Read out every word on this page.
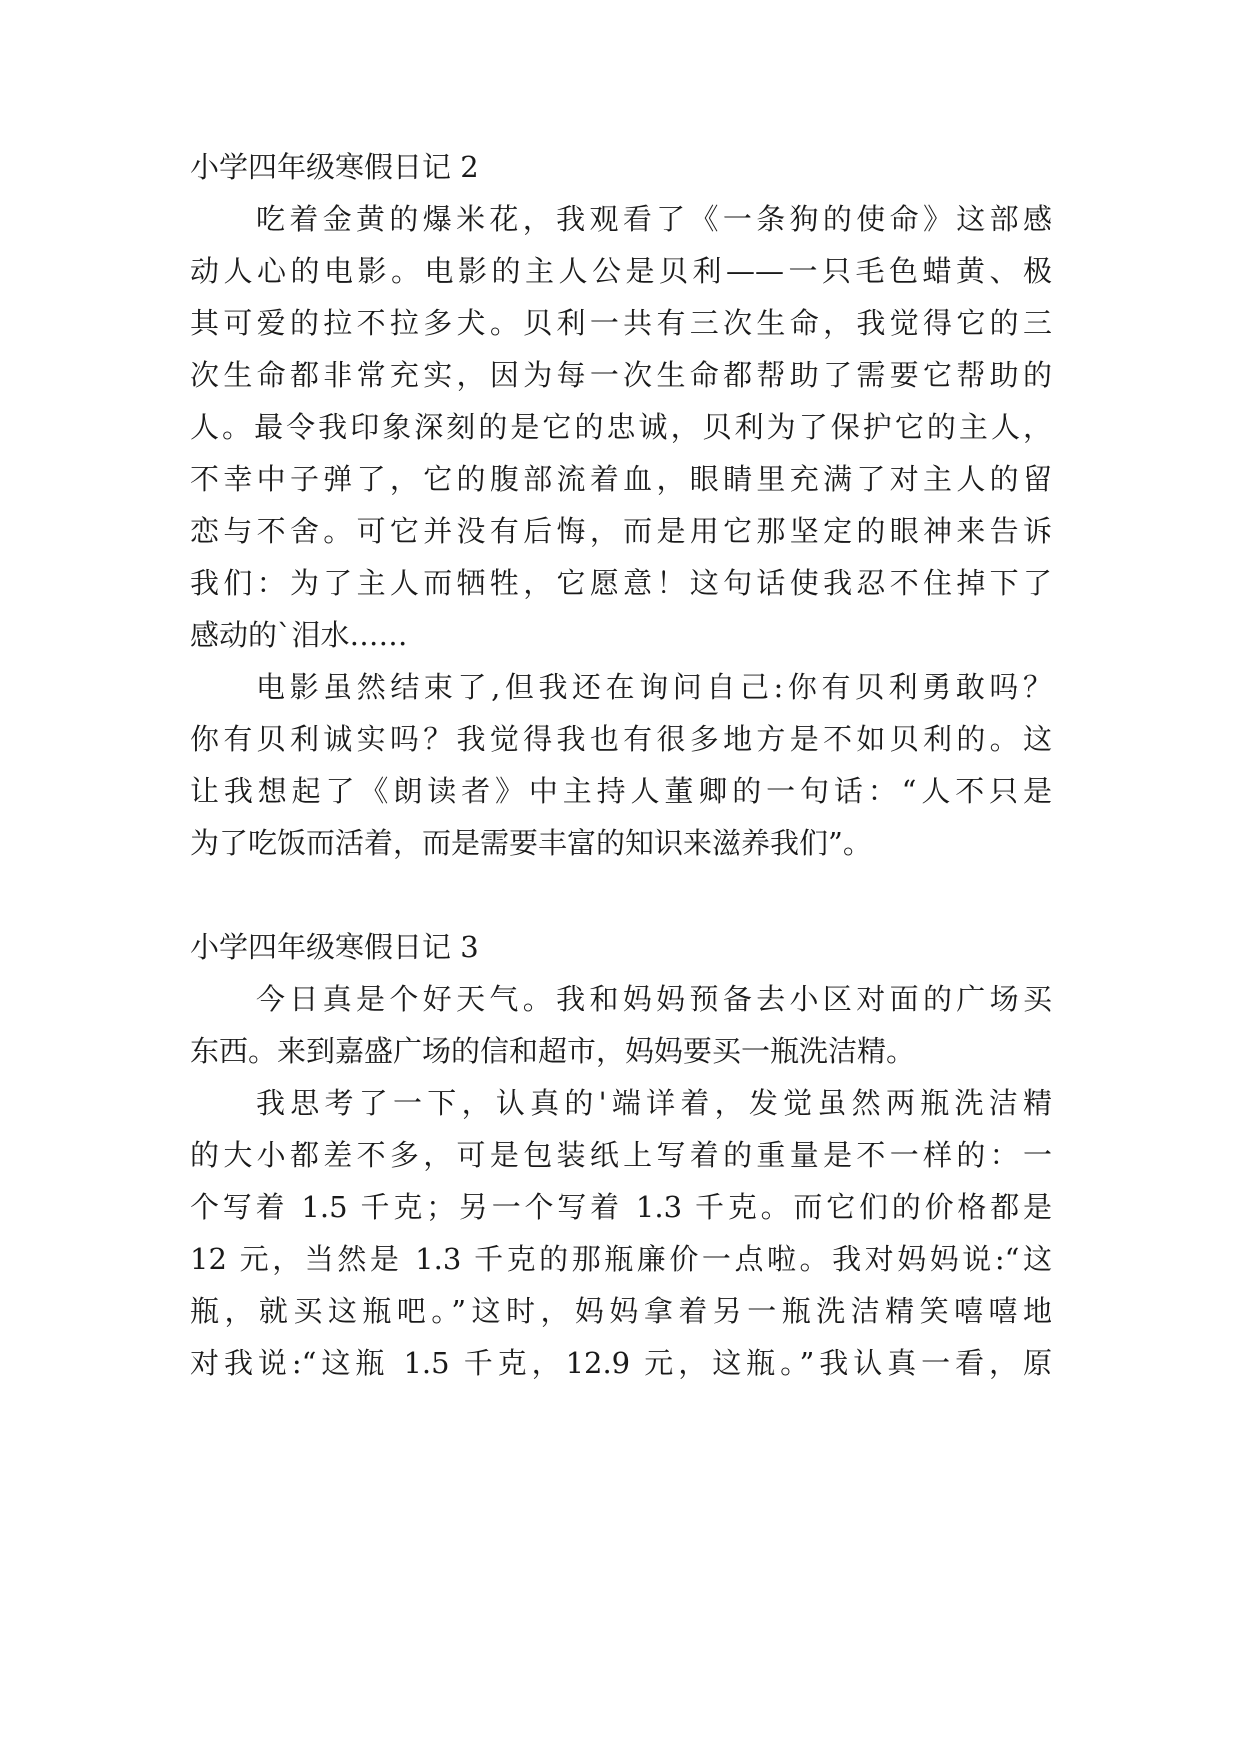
小学四年级寒假日记 2
吃着金黄的爆米花，我观看了《一条狗的使命》这部感
动人心的电影。电影的主人公是贝利——一只毛色蜡黄、极
其可爱的拉不拉多犬。贝利一共有三次生命，我觉得它的三
次生命都非常充实，因为每一次生命都帮助了需要它帮助的
人。最令我印象深刻的是它的忠诚，贝利为了保护它的主人，
不幸中子弹了，它的腹部流着血，眼睛里充满了对主人的留
恋与不舍。可它并没有后悔，而是用它那坚定的眼神来告诉
我们：为了主人而牺牲，它愿意！这句话使我忍不住掉下了
感动的`泪水……
电影虽然结束了,但我还在询问自己:你有贝利勇敢吗？
你有贝利诚实吗？我觉得我也有很多地方是不如贝利的。这
让我想起了《朗读者》中主持人董卿的一句话：“人不只是
为了吃饭而活着，而是需要丰富的知识来滋养我们”。
小学四年级寒假日记 3
今日真是个好天气。我和妈妈预备去小区对面的广场买
东西。来到嘉盛广场的信和超市，妈妈要买一瓶洗洁精。
我思考了一下，认真的'端详着，发觉虽然两瓶洗洁精
的大小都差不多，可是包装纸上写着的重量是不一样的：一
个写着 1.5 千克；另一个写着 1.3 千克。而它们的价格都是
12 元，当然是 1.3 千克的那瓶廉价一点啦。我对妈妈说:“这
瓶，就买这瓶吧。”这时，妈妈拿着另一瓶洗洁精笑嘻嘻地
对我说:“这瓶 1.5 千克，12.9 元，这瓶。”我认真一看，原
